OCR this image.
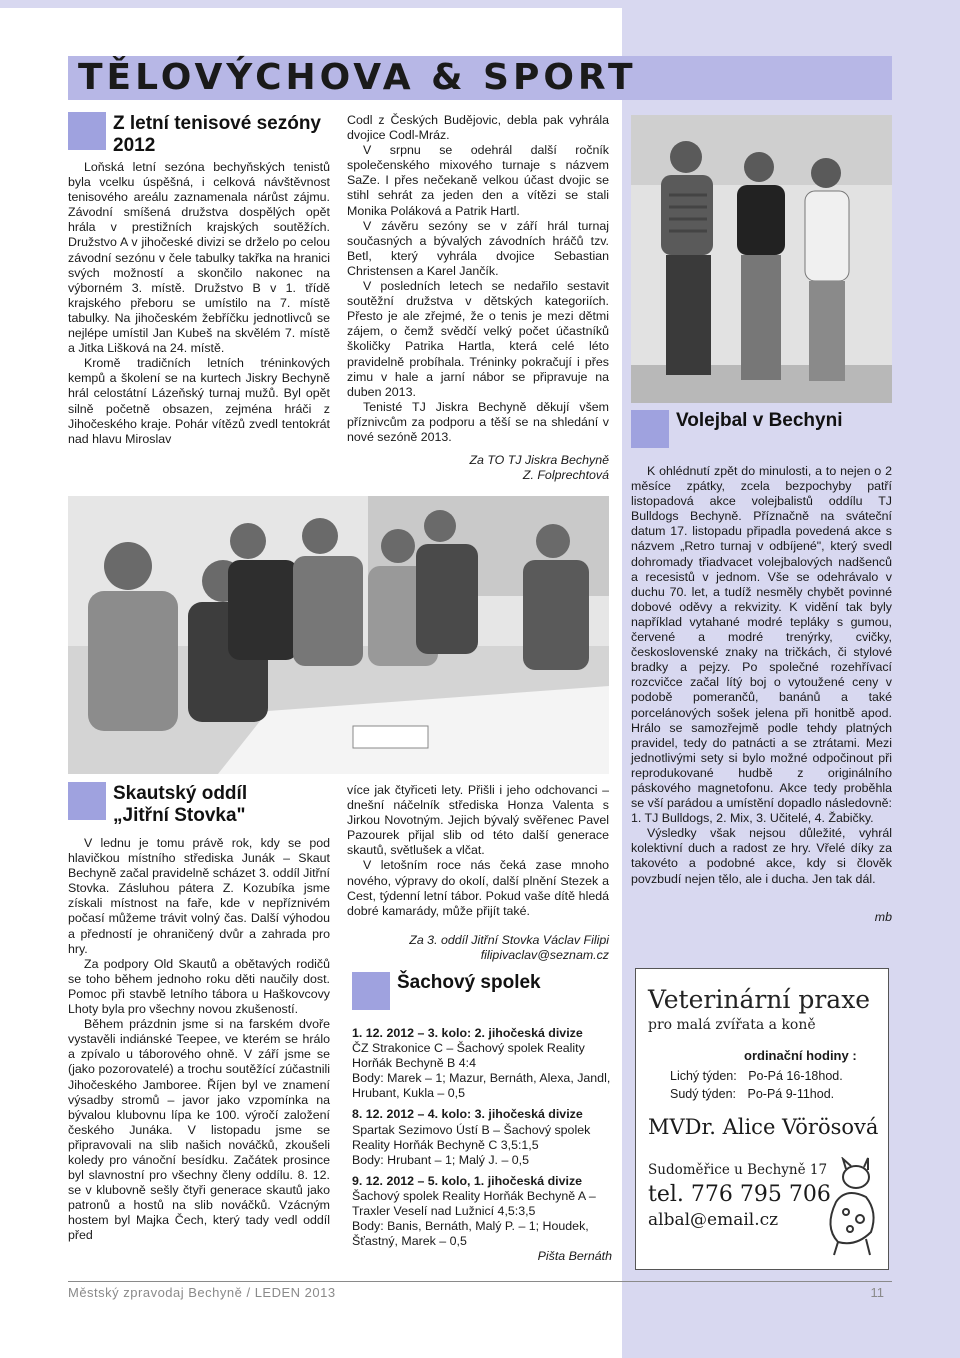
TĚLOVÝCHOVA & SPORT
Z letní tenisové sezóny 2012

Loňská letní sezóna bechyňských tenistů byla vcelku úspěšná, i celková návštěvnost tenisového areálu zaznamenala nárůst zájmu. Závodní smíšená družstva dospělých opět hrála v prestižních krajských soutěžích. Družstvo A v jihočeské divizi se drželo po celou závodní sezónu v čele tabulky takřka na hranici svých možností a skončilo nakonec na výborném 3. místě. Družstvo B v 1. třídě krajského přeboru se umístilo na 7. místě tabulky. Na jihočeském žebříčku jednotlivců se nejlépe umístil Jan Kubeš na skvělém 7. místě a Jitka Lišková na 24. místě.

Kromě tradičních letních tréninkových kempů a školení se na kurtech Jiskry Bechyně hrál celostátní Lázeňský turnaj mužů. Byl opět silně početně obsazen, zejména hráči z Jihočeského kraje. Pohár vítězů zvedl tentokrát nad hlavu Miroslav

Codl z Českých Budějovic, debla pak vyhrála dvojice Codl-Mráz.

V srpnu se odehrál další ročník společenského mixového turnaje s názvem SaZe. I přes nečekaně velkou účast dvojic se stihl sehrát za jeden den a vítězi se stali Monika Poláková a Patrik Hartl.

V závěru sezóny se v září hrál turnaj současných a bývalých závodních hráčů tzv. Betl, který vyhrála dvojice Sebastian Christensen a Karel Jančík.

V posledních letech se nedařilo sestavit soutěžní družstva v dětských kategoriích. Přesto je ale zřejmé, že o tenis je mezi dětmi zájem, o čemž svědčí velký počet účastníků školičky Patrika Hartla, která celé léto pravidelně probíhala. Tréninky pokračují i přes zimu v hale a jarní nábor se připravuje na duben 2013.

Tenisté TJ Jiskra Bechyně děkují všem příznivcům za podporu a těší se na shledání v nové sezóně 2013.

Za TO TJ Jiskra Bechyně
Z. Folprechtová
Volejbal v Bechyni

K ohlédnutí zpět do minulosti, a to nejen o 2 měsíce zpátky, zcela bezpochyby patří listopadová akce volejbalistů oddílu TJ Bulldogs Bechyně. Příznačně na sváteční datum 17. listopadu připadla povedená akce s názvem „Retro turnaj v odbíjené", který svedl dohromady třiadvacet volejbalových nadšenců a recesistů v jednom. Vše se odehrávalo v duchu 70. let, a tudíž nesměly chybět povinné dobové oděvy a rekvizity. K vidění tak byly například vytahané modré tepláky s gumou, červené a modré trenýrky, cvičky, československé znaky na tričkách, či stylové bradky a pejzy. Po společné rozehřívací rozcvičce začal lítý boj o vytoužené ceny v podobě pomerančů, banánů a také porcelánových sošek jelena při honitbě apod. Hrálo se samozřejmě podle tehdy platných pravidel, tedy do patnácti a se ztrátami. Mezi jednotlivými sety si bylo možné odpočinout při reprodukované hudbě z originálního páskového magnetofonu. Akce tedy proběhla se vší parádou a umístění dopadlo následovně: 1. TJ Bulldogs, 2. Mix, 3. Učitelé, 4. Žabičky.

Výsledky však nejsou důležité, vyhrál kolektivní duch a radost ze hry. Vřelé díky za takovéto a podobné akce, kdy si člověk povzbudí nejen tělo, ale i ducha. Jen tak dál.

mb
Skautský oddíl
„Jitřní Stovka"

V lednu je tomu právě rok, kdy se pod hlavičkou místního střediska Junák – Skaut Bechyně začal pravidelně scházet 3. oddíl Jitřní Stovka. Zásluhou pátera Z. Kozubíka jsme získali místnost na faře, kde v nepříznivém počasí můžeme trávit volný čas. Další výhodou a předností je ohraničený dvůr a zahrada pro hry.

Za podpory Old Skautů a obětavých rodičů se toho během jednoho roku děti naučily dost. Pomoc při stavbě letního tábora u Haškovcovy Lhoty byla pro všechny novou zkušeností.

Během prázdnin jsme si na farském dvoře vystavěli indiánské Teepee, ve kterém se hrálo a zpívalo u táborového ohně. V září jsme se (jako pozorovatelé) a trochu soutěžící zúčastnili Jihočeského Jamboree. Říjen byl ve znamení výsadby stromů – javor jako vzpomínka na bývalou klubovnu lípa ke 100. výročí založení českého Junáka. V listopadu jsme se připravovali na slib našich nováčků, zkoušeli koledy pro vánoční besídku. Začátek prosince byl slavnostní pro všechny členy oddílu. 8. 12. se v klubovně sešly čtyři generace skautů jako patronů a hostů na slib nováčků. Vzácným hostem byl Majka Čech, který tady vedl oddíl před

více jak čtyřiceti lety. Přišli i jeho odchovanci – dnešní náčelník střediska Honza Valenta s Jirkou Novotným. Jejich bývalý svěřenec Pavel Pazourek přijal slib od této další generace skautů, světlušek a vlčat.

V letošním roce nás čeká zase mnoho nového, výpravy do okolí, další plnění Stezek a Cest, týdenní letní tábor. Pokud vaše dítě hledá dobré kamarády, může přijít také.

Za 3. oddíl Jitřní Stovka Václav Filipi
filipivaclav@seznam.cz
Šachový spolek

1. 12. 2012 – 3. kolo: 2. jihočeská divize

ČZ Strakonice C – Šachový spolek Reality Horňák Bechyně B 4:4

Body: Marek – 1; Mazur, Bernáth, Alexa, Jandl, Hrubant, Kukla – 0,5

8. 12. 2012 – 4. kolo: 3. jihočeská divize

Spartak Sezimovo Ústí B – Šachový spolek Reality Horňák Bechyně C 3,5:1,5

Body: Hrubant – 1; Malý J. – 0,5

9. 12. 2012 – 5. kolo, 1. jihočeská divize

Šachový spolek Reality Horňák Bechyně A – Traxler Veselí nad Lužnicí 4,5:3,5

Body: Banis, Bernáth, Malý P. – 1; Houdek, Šťastný, Marek – 0,5

Pišta Bernáth
Veterinární praxe
pro malá zvířata a koně
ordinační hodiny :
Lichý týden: Po-Pá 16-18hod.
Sudý týden: Po-Pá 9-11hod.
MVDr. Alice Vörösová
Sudoměřice u Bechyně 17
tel. 776 795 706
albal@email.cz
Městský zpravodaj Bechyně / LEDEN 2013	11
